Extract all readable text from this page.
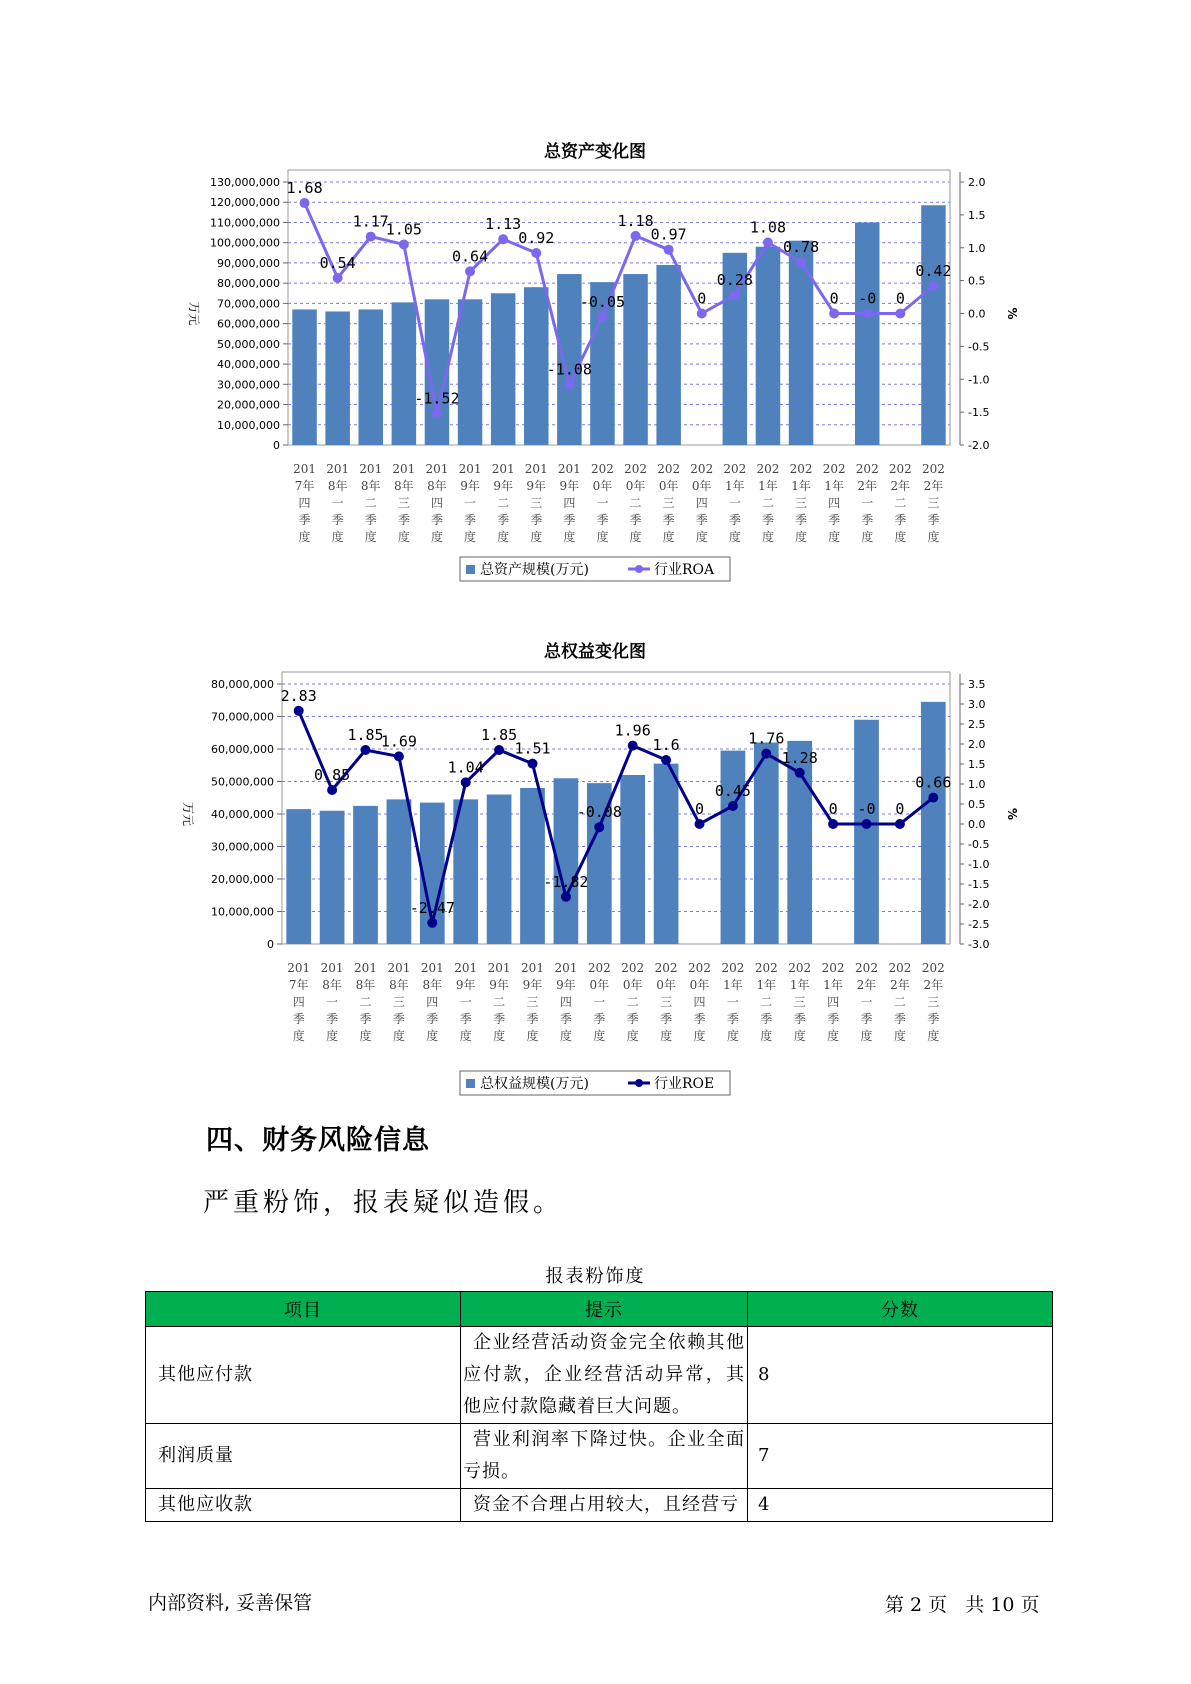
总资产变化图
0
10,000,000
20,000,000
30,000,000
40,000,000
50,000,000
60,000,000
70,000,000
80,000,000
90,000,000
100,000,000
110,000,000
120,000,000
130,000,000
-2.0
-1.5
-1.0
-0.5
0.0
0.5
1.0
1.5
2.0
万元	%
201
7年
四
季
度
201
8年
一
季
度
201
8年
二
季
度
201
8年
三
季
度
201
8年
四
季
度
201
9年
一
季
度
201
9年
二
季
度
201
9年
三
季
度
201
9年
四
季
度
202
0年
一
季
度
202
0年
二
季
度
202
0年
三
季
度
202
0年
四
季
度
202
1年
一
季
度
202
1年
二
季
度
202
1年
三
季
度
202
1年
四
季
度
202
2年
一
季
度
202
2年
二
季
度
202
2年
三
季
度
1.68
0.54
1.17
1.05
-1.52
0.64
1.13
0.92
-1.08
-0.05
1.18
0.97
0
0.28
1.08
0.78
0 -0 0
0.42
总资产规模(万元)	行业ROA
总权益变化图
0
10,000,000
20,000,000
30,000,000
40,000,000
50,000,000
60,000,000
70,000,000
80,000,000
-3.0
-2.5
-2.0
-1.5
-1.0
-0.5
0.0
0.5
1.0
1.5
2.0
2.5
3.0
3.5
万元	%
201
7年
四
季
度
201
8年
一
季
度
201
8年
二
季
度
201
8年
三
季
度
201
8年
四
季
度
201
9年
一
季
度
201
9年
二
季
度
201
9年
三
季
度
201
9年
四
季
度
202
0年
一
季
度
202
0年
二
季
度
202
0年
三
季
度
202
0年
四
季
度
202
1年
一
季
度
202
1年
二
季
度
202
1年
三
季
度
202
1年
四
季
度
202
2年
一
季
度
202
2年
二
季
度
202
2年
三
季
度
2.83
0.85
1.85
1.69
-2.47
1.04
1.85
1.51
-1.82
-0.08
1.96
1.6
0
0.45
1.76
1.28
0 -0 0
0.66
总权益规模(万元)	行业ROE
四、财务风险信息
严重粉饰，报表疑似造假。
报表粉饰度
项目	提示	分数
其他应付款	企业经营活动资金完全依赖其他应付款，企业经营活动异常，其他应付款隐藏着巨大问题。	8
利润质量	营业利润率下降过快。企业全面亏损。	7
其他应收款	资金不合理占用较大，且经营亏	4
内部资料, 妥善保管	第 2 页   共 10 页
